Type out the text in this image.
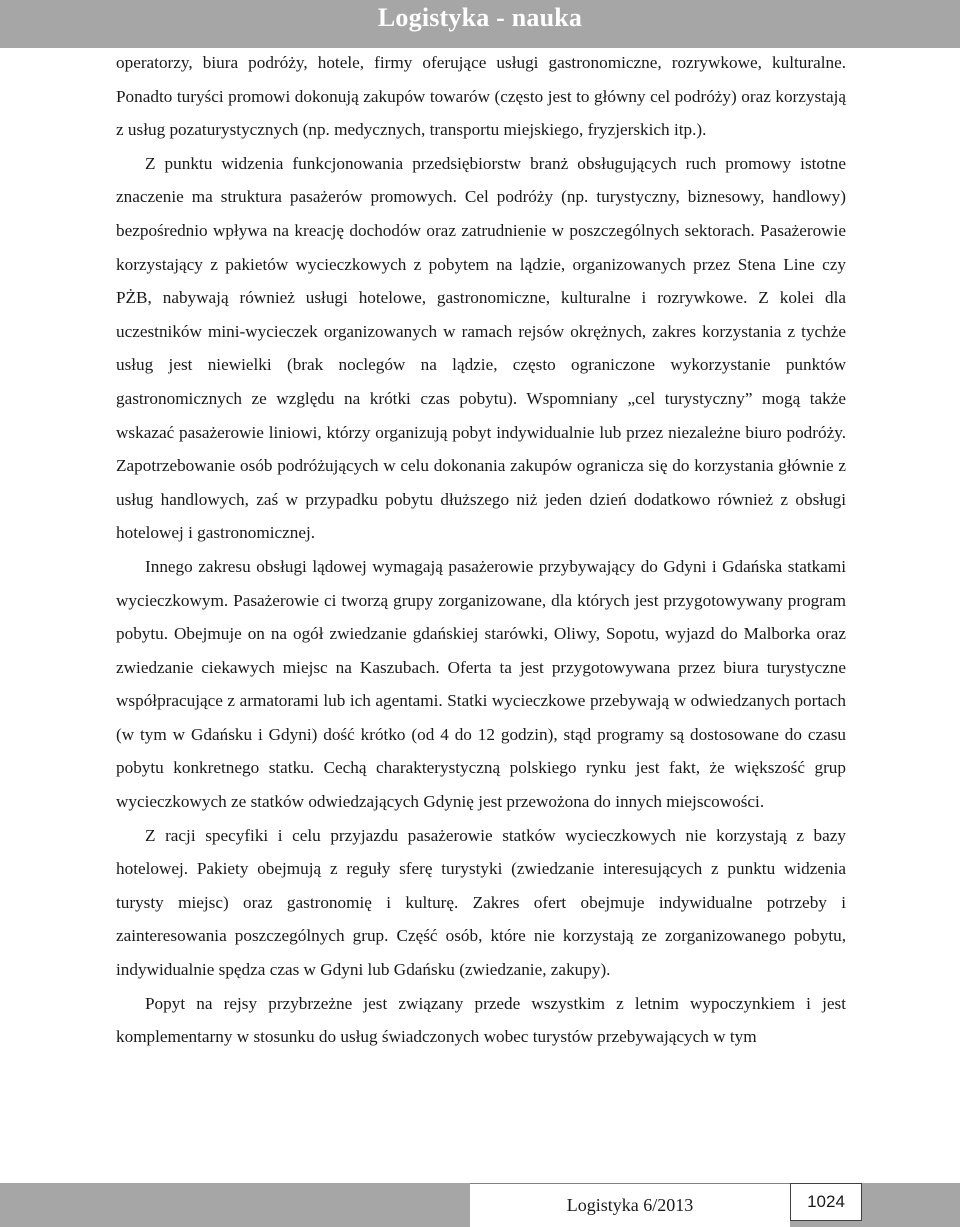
Logistyka - nauka

operatorzy, biura podróży, hotele, firmy oferujące usługi gastronomiczne, rozrywkowe, kulturalne. Ponadto turyści promowi dokonują zakupów towarów (często jest to główny cel podróży) oraz korzystają z usług pozaturystycznych (np. medycznych, transportu miejskiego, fryzjerskich itp.).

Z punktu widzenia funkcjonowania przedsiębiorstw branż obsługujących ruch promowy istotne znaczenie ma struktura pasażerów promowych. Cel podróży (np. turystyczny, biznesowy, handlowy) bezpośrednio wpływa na kreację dochodów oraz zatrudnienie w poszczególnych sektorach. Pasażerowie korzystający z pakietów wycieczkowych z pobytem na lądzie, organizowanych przez Stena Line czy PŻB, nabywają również usługi hotelowe, gastronomiczne, kulturalne i rozrywkowe. Z kolei dla uczestników mini-wycieczek organizowanych w ramach rejsów okrężnych, zakres korzystania z tychże usług jest niewielki (brak noclegów na lądzie, często ograniczone wykorzystanie punktów gastronomicznych ze względu na krótki czas pobytu). Wspomniany „cel turystyczny” mogą także wskazać pasażerowie liniowi, którzy organizują pobyt indywidualnie lub przez niezależne biuro podróży. Zapotrzebowanie osób podróżujących w celu dokonania zakupów ogranicza się do korzystania głównie z usług handlowych, zaś w przypadku pobytu dłuższego niż jeden dzień dodatkowo również z obsługi hotelowej i gastronomicznej.

Innego zakresu obsługi lądowej wymagają pasażerowie przybywający do Gdyni i Gdańska statkami wycieczkowym. Pasażerowie ci tworzą grupy zorganizowane, dla których jest przygotowywany program pobytu. Obejmuje on na ogół zwiedzanie gdańskiej starówki, Oliwy, Sopotu, wyjazd do Malborka oraz zwiedzanie ciekawych miejsc na Kaszubach. Oferta ta jest przygotowywana przez biura turystyczne współpracujące z armatorami lub ich agentami. Statki wycieczkowe przebywają w odwiedzanych portach (w tym w Gdańsku i Gdyni) dość krótko (od 4 do 12 godzin), stąd programy są dostosowane do czasu pobytu konkretnego statku. Cechą charakterystyczną polskiego rynku jest fakt, że większość grup wycieczkowych ze statków odwiedzających Gdynię jest przewożona do innych miejscowości.

Z racji specyfiki i celu przyjazdu pasażerowie statków wycieczkowych nie korzystają z bazy hotelowej. Pakiety obejmują z reguły sferę turystyki (zwiedzanie interesujących z punktu widzenia turysty miejsc) oraz gastronomię i kulturę. Zakres ofert obejmuje indywidualne potrzeby i zainteresowania poszczególnych grup. Część osób, które nie korzystają ze zorganizowanego pobytu, indywidualnie spędza czas w Gdyni lub Gdańsku (zwiedzanie, zakupy).

Popyt na rejsy przybrzeżne jest związany przede wszystkim z letnim wypoczynkiem i jest komplementarny w stosunku do usług świadczonych wobec turystów przebywających w tym

Logistyka 6/2013	1024
